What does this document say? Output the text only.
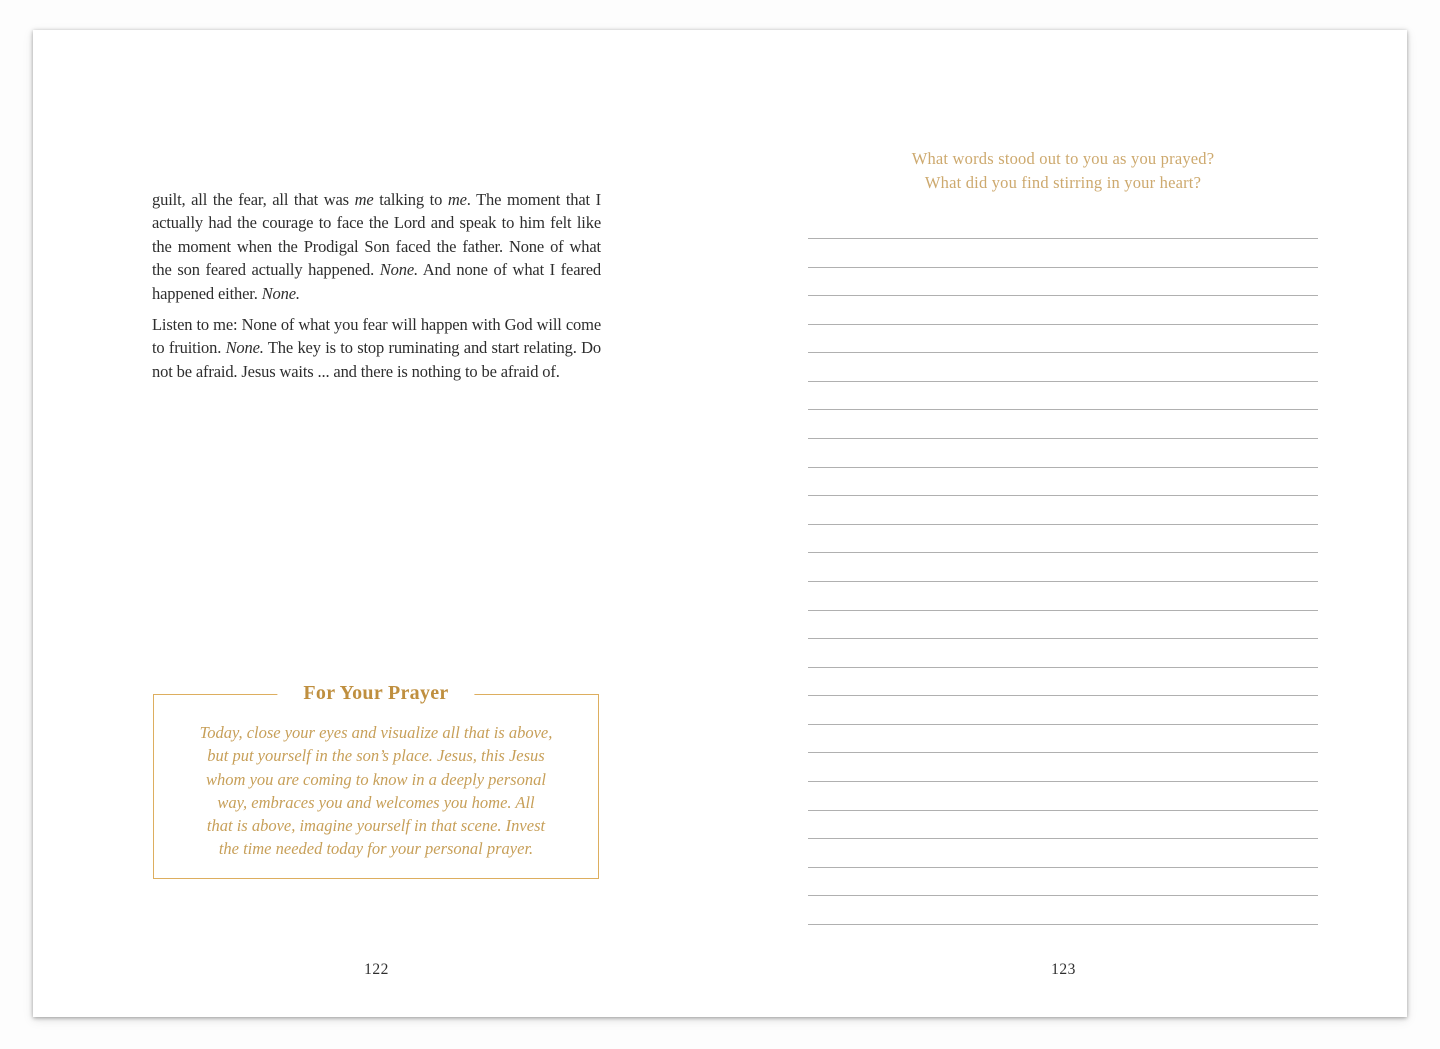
guilt, all the fear, all that was me talking to me. The moment that I actually had the courage to face the Lord and speak to him felt like the moment when the Prodigal Son faced the father. None of what the son feared actually happened. None. And none of what I feared happened either. None.

Listen to me: None of what you fear will happen with God will come to fruition. None. The key is to stop ruminating and start relating. Do not be afraid. Jesus waits ... and there is nothing to be afraid of.

For Your Prayer
Today, close your eyes and visualize all that is above,
but put yourself in the son’s place. Jesus, this Jesus
whom you are coming to know in a deeply personal
way, embraces you and welcomes you home. All
that is above, imagine yourself in that scene. Invest
the time needed today for your personal prayer.
122
What words stood out to you as you prayed?
What did you find stirring in your heart?
123
